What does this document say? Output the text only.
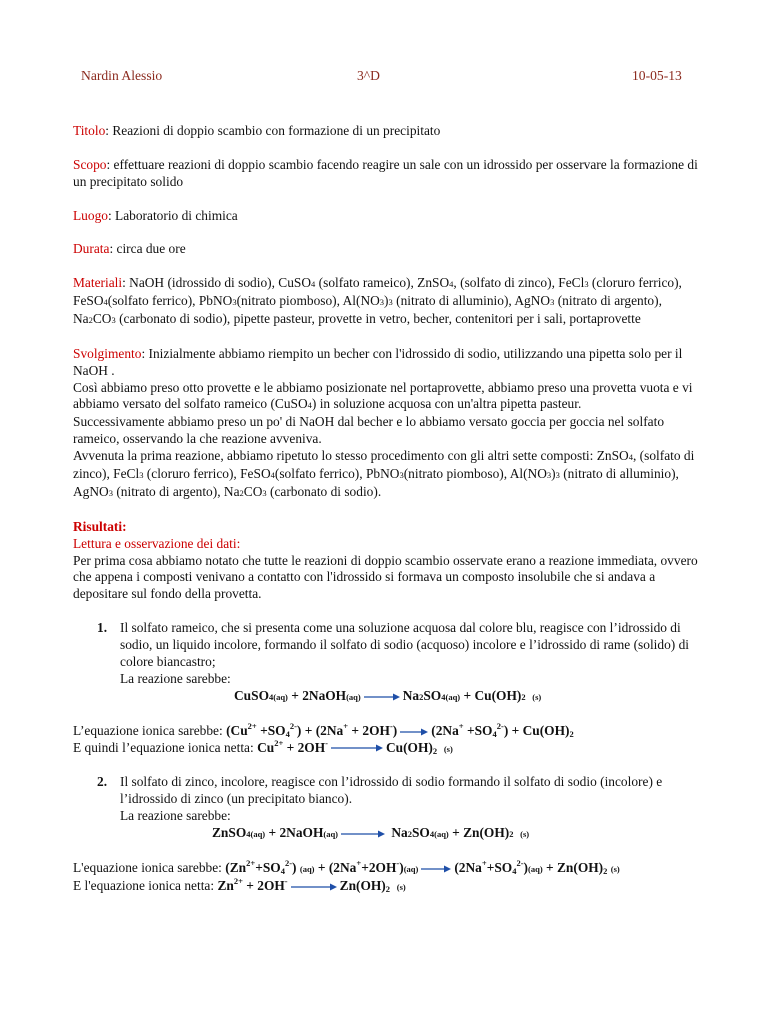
Nardin Alessio	3^D	10-05-13

Titolo: Reazioni di doppio scambio con formazione di un precipitato

Scopo: effettuare reazioni di doppio scambio facendo reagire un sale con un idrossido per osservare la formazione di un precipitato solido

Luogo: Laboratorio di chimica

Durata: circa due ore

Materiali: NaOH (idrossido di sodio), CuSO4 (solfato rameico), ZnSO4, (solfato di zinco), FeCl3 (cloruro ferrico), FeSO4(solfato ferrico), PbNO3(nitrato piomboso), Al(NO3)3 (nitrato di alluminio), AgNO3 (nitrato di argento), Na2CO3 (carbonato di sodio), pipette pasteur, provette in vetro, becher, contenitori per i sali, portaprovette

Svolgimento: Inizialmente abbiamo riempito un becher con l'idrossido di sodio, utilizzando una pipetta solo per il NaOH .

Così abbiamo preso otto provette e le abbiamo posizionate nel portaprovette, abbiamo preso una provetta vuota e vi abbiamo versato del solfato rameico (CuSO4) in soluzione acquosa con un'altra pipetta pasteur.

Successivamente abbiamo preso un po' di NaOH dal becher e lo abbiamo versato goccia per goccia nel solfato rameico, osservando la che reazione avveniva.

Avvenuta la prima reazione, abbiamo ripetuto lo stesso procedimento con gli altri sette composti: ZnSO4, (solfato di zinco), FeCl3 (cloruro ferrico), FeSO4(solfato ferrico), PbNO3(nitrato piomboso), Al(NO3)3 (nitrato di alluminio), AgNO3 (nitrato di argento), Na2CO3 (carbonato di sodio).

Risultati:

Lettura e osservazione dei dati:

Per prima cosa abbiamo notato che tutte le reazioni di doppio scambio osservate erano a reazione immediata, ovvero che appena i composti venivano a contatto con l'idrossido si formava un composto insolubile che si andava a depositare sul fondo della provetta.

1. Il solfato rameico, che si presenta come una soluzione acquosa dal colore blu, reagisce con l’idrossido di sodio, un liquido incolore, formando il solfato di sodio (acquoso) incolore e l’idrossido di rame (solido) di colore biancastro;
La reazione sarebbe:
CuSO4(aq) + 2NaOH(aq)	Na2SO4(aq) + Cu(OH)2 (s)
L’equazione ionica sarebbe: $(Cu^{2+} +SO_4^{2-}) + (2Na^+ + 2OH^-)$	$(2Na^+ +SO_4^{2-}) + Cu(OH)_2$
E quindi l’equazione ionica netta: $Cu^{2+} + 2OH^-$	$Cu(OH)_2$ (s)
2. Il solfato di zinco, incolore, reagisce con l’idrossido di sodio formando il solfato di sodio (incolore) e l’idrossido di zinco (un precipitato bianco).
La reazione sarebbe:
ZnSO4(aq) + 2NaOH(aq)	Na2SO4(aq) + Zn(OH)2 (s)
L'equazione ionica sarebbe: $(Zn^{2+}+SO_4^{2-}) (aq) + (2Na^++2OH^-)(aq)$	$(2Na^++SO_4^{2-})(aq) + Zn(OH)_2$ (s)
E l'equazione ionica netta: $Zn^{2+} + 2OH^-$	$Zn(OH)_2$ (s)
